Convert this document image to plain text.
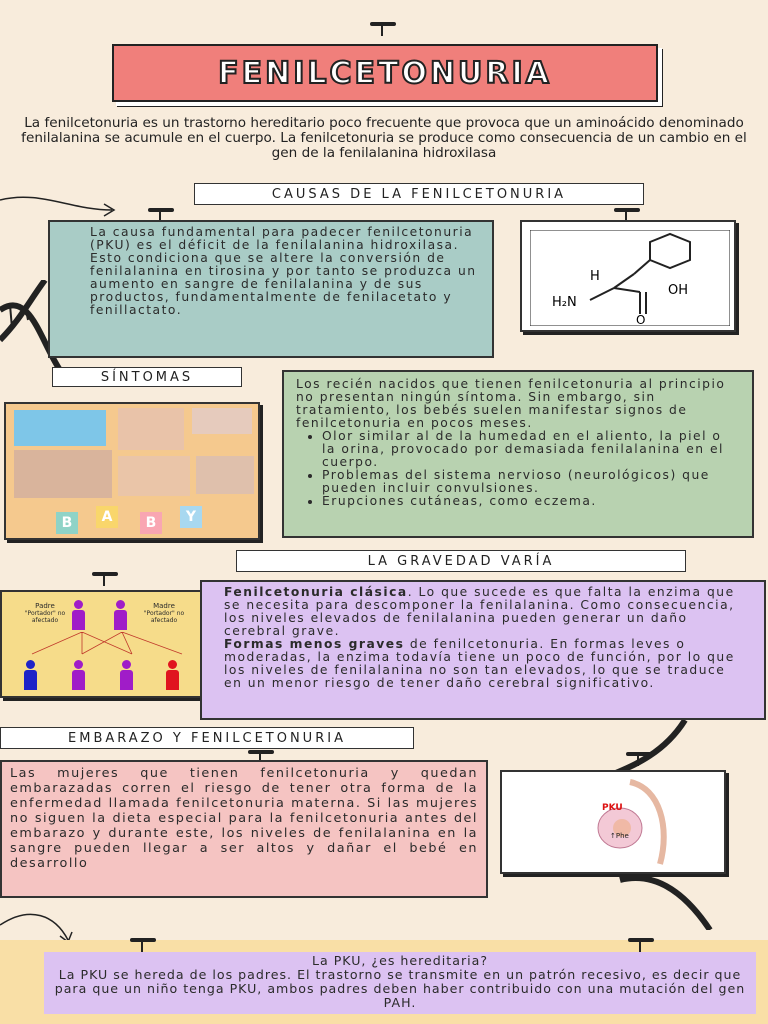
FENILCETONURIA
La fenilcetonuria es un trastorno hereditario poco frecuente que provoca que un aminoácido denominado fenilalanina se acumule en el cuerpo. La fenilcetonuria se produce como consecuencia de un cambio en el gen de la fenilalanina hidroxilasa
CAUSAS DE LA FENILCETONURIA
La causa fundamental para padecer fenilcetonuria (PKU) es el déficit de la fenilalanina hidroxilasa. Esto condiciona que se altere la conversión de fenilalanina en tirosina y por tanto se produzca un aumento en sangre de fenilalanina y de sus productos, fundamentalmente de fenilacetato y fenillactato.
H
H₂N
OH
O
SÍNTOMAS
B	A	B	Y
Los recién nacidos que tienen fenilcetonuria al principio no presentan ningún síntoma. Sin embargo, sin tratamiento, los bebés suelen manifestar signos de fenilcetonuria en pocos meses.
• Olor similar al de la humedad en el aliento, la piel o la orina, provocado por demasiada fenilalanina en el cuerpo.
• Problemas del sistema nervioso (neurológicos) que pueden incluir convulsiones.
• Erupciones cutáneas, como eczema.
LA GRAVEDAD VARÍA
Padre
"Portador" no afectado
Madre
"Portador" no afectado
Fenilcetonuria clásica. Lo que sucede es que falta la enzima que se necesita para descomponer la fenilalanina. Como consecuencia, los niveles elevados de fenilalanina pueden generar un daño cerebral grave.
Formas menos graves de fenilcetonuria. En formas leves o moderadas, la enzima todavía tiene un poco de función, por lo que los niveles de fenilalanina no son tan elevados, lo que se traduce en un menor riesgo de tener daño cerebral significativo.
EMBARAZO Y FENILCETONURIA
Las mujeres que tienen fenilcetonuria y quedan embarazadas corren el riesgo de tener otra forma de la enfermedad llamada fenilcetonuria materna. Si las mujeres no siguen la dieta especial para la fenilcetonuria antes del embarazo y durante este, los niveles de fenilalanina en la sangre pueden llegar a ser altos y dañar el bebé en desarrollo
PKU
↑Phe
La PKU, ¿es hereditaria?
La PKU se hereda de los padres. El trastorno se transmite en un patrón recesivo, es decir que para que un niño tenga PKU, ambos padres deben haber contribuido con una mutación del gen PAH.
